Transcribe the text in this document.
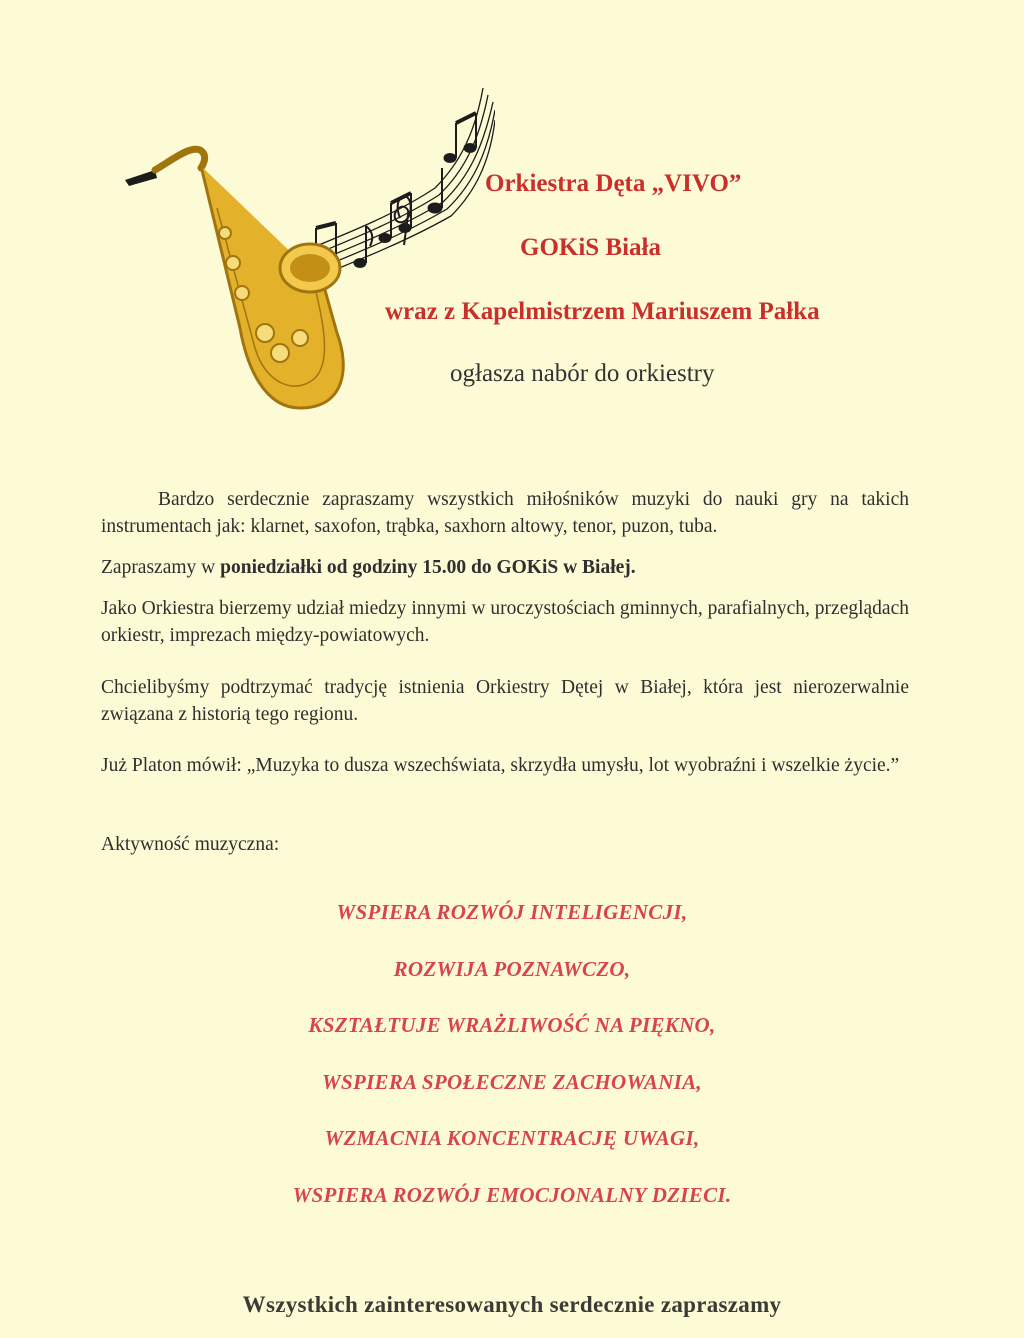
Orkiestra Dęta „VIVO”
GOKiS Biała
wraz z Kapelmistrzem Mariuszem Pałka

ogłasza nabór do orkiestry

Bardzo serdecznie zapraszamy wszystkich miłośników muzyki do nauki gry na takich instrumentach jak: klarnet, saxofon, trąbka, saxhorn altowy, tenor, puzon, tuba.

Zapraszamy w poniedziałki od godziny 15.00 do GOKiS w Białej.

Jako Orkiestra bierzemy udział miedzy innymi w uroczystościach gminnych, parafialnych, przeglądach orkiestr, imprezach między-powiatowych.

Chcielibyśmy podtrzymać tradycję istnienia Orkiestry Dętej w Białej, która jest nierozerwalnie związana z historią tego regionu.

Już Platon mówił: „Muzyka to dusza wszechświata, skrzydła umysłu, lot wyobraźni i wszelkie życie.”

Aktywność muzyczna:

WSPIERA ROZWÓJ INTELIGENCJI,
ROZWIJA POZNAWCZO,
KSZTAŁTUJE WRAŻLIWOŚĆ NA PIĘKNO,
WSPIERA SPOŁECZNE ZACHOWANIA,
WZMACNIA KONCENTRACJĘ UWAGI,
WSPIERA ROZWÓJ EMOCJONALNY DZIECI.

Wszystkich zainteresowanych serdecznie zapraszamy
